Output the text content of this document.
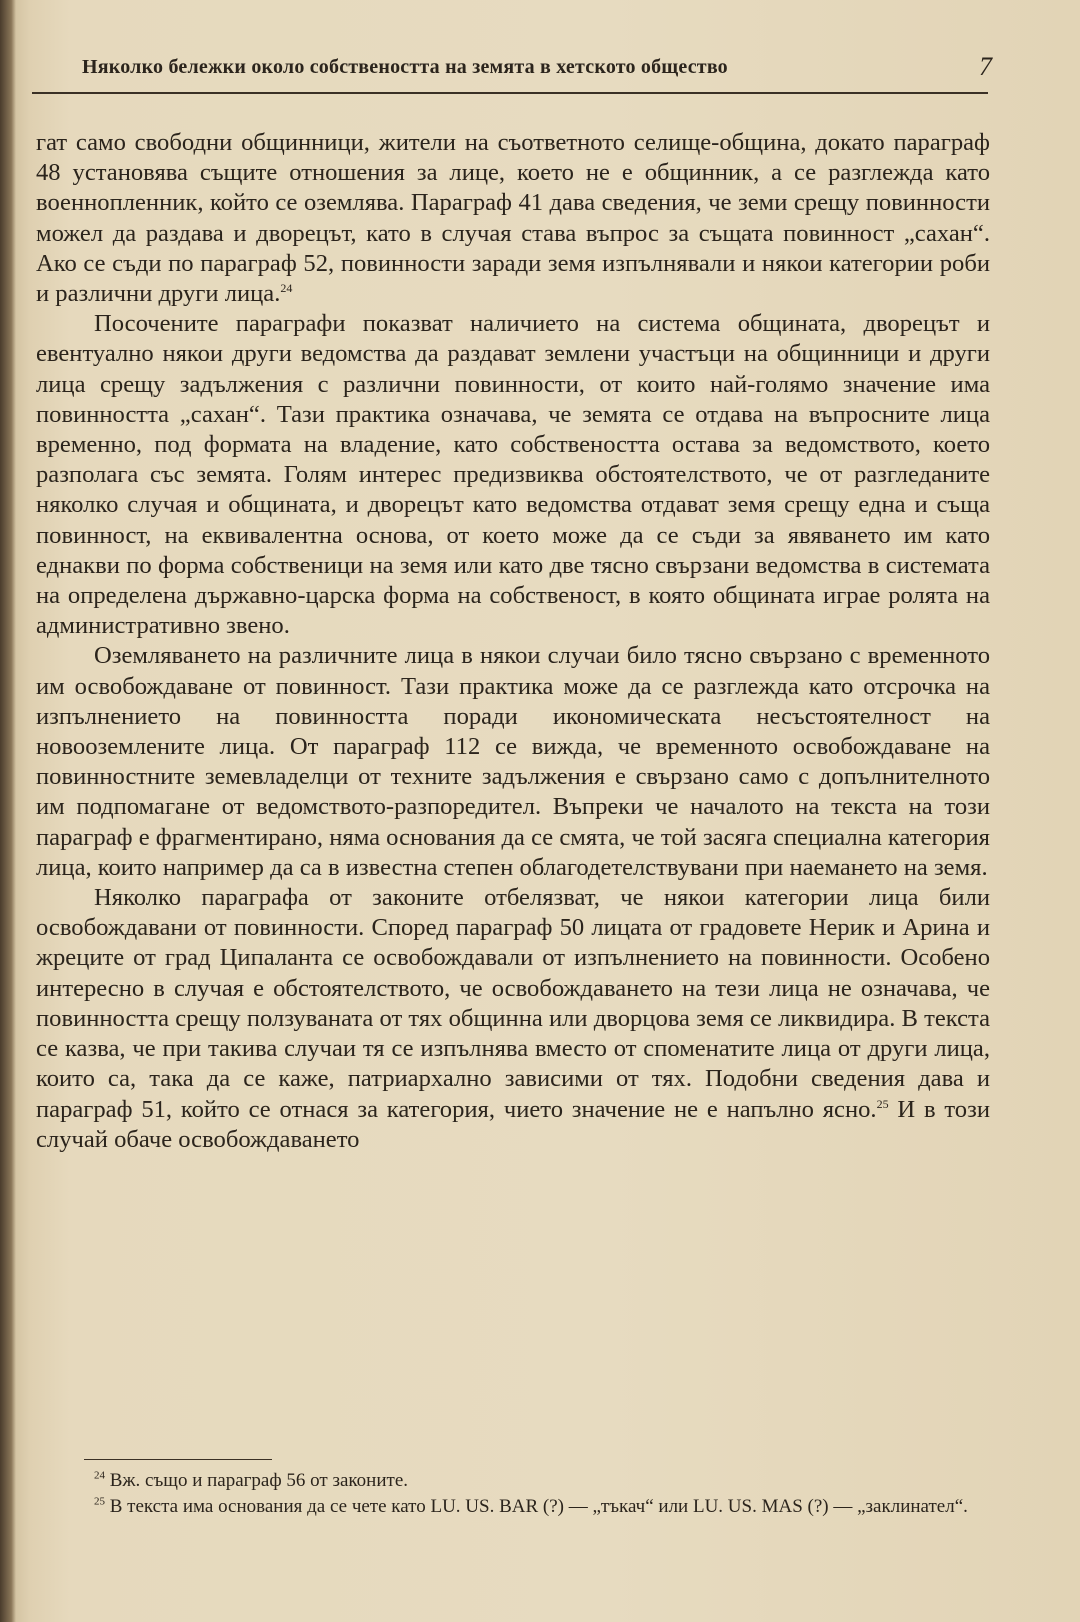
Няколко бележки около собствеността на земята в хетското общество	7

гат само свободни общинници, жители на съответното селище-община, докато параграф 48 установява същите отношения за лице, което не е общинник, а се разглежда като военнопленник, който се оземлява. Параграф 41 дава сведения, че земи срещу повинности можел да раздава и дворецът, като в случая става въпрос за същата повинност „сахан“. Ако се съди по параграф 52, повинности заради земя изпълнявали и някои категории роби и различни други лица.$^{24}$

Посочените параграфи показват наличието на система общината, дворецът и евентуално някои други ведомства да раздават землени участъци на общинници и други лица срещу задължения с различни повинности, от които най-голямо значение има повинността „сахан“. Тази практика означава, че земята се отдава на въпросните лица временно, под формата на владение, като собствеността остава за ведомството, което разполага със земята. Голям интерес предизвиква обстоятелството, че от разгледаните няколко случая и общината, и дворецът като ведомства отдават земя срещу една и съща повинност, на еквивалентна основа, от което може да се съди за явяването им като еднакви по форма собственици на земя или като две тясно свързани ведомства в системата на определена държавно-царска форма на собственост, в която общината играе ролята на административно звено.

Оземляването на различните лица в някои случаи било тясно свързано с временното им освобождаване от повинност. Тази практика може да се разглежда като отсрочка на изпълнението на повинността поради икономическата несъстоятелност на новооземлените лица. От параграф 112 се вижда, че временното освобождаване на повинностните земевладелци от техните задължения е свързано само с допълнителното им подпомагане от ведомството-разпоредител. Въпреки че началото на текста на този параграф е фрагментирано, няма основания да се смята, че той засяга специална категория лица, които например да са в известна степен облагодетелствувани при наемането на земя.

Няколко параграфа от законите отбелязват, че някои категории лица били освобождавани от повинности. Според параграф 50 лицата от градовете Нерик и Арина и жреците от град Ципаланта се освобождавали от изпълнението на повинности. Особено интересно в случая е обстоятелството, че освобождаването на тези лица не означава, че повинността срещу ползуваната от тях общинна или дворцова земя се ликвидира. В текста се казва, че при такива случаи тя се изпълнява вместо от споменатите лица от други лица, които са, така да се каже, патриархално зависими от тях. Подобни сведения дава и параграф 51, който се отнася за категория, чието значение не е напълно ясно.$^{25}$ И в този случай обаче освобождаването

$^{24}$ Вж. също и параграф 56 от законите.

$^{25}$ В текста има основания да се чете като LU. US. BAR (?) — „тъкач“ или LU. US. MAS (?) — „заклинател“.
